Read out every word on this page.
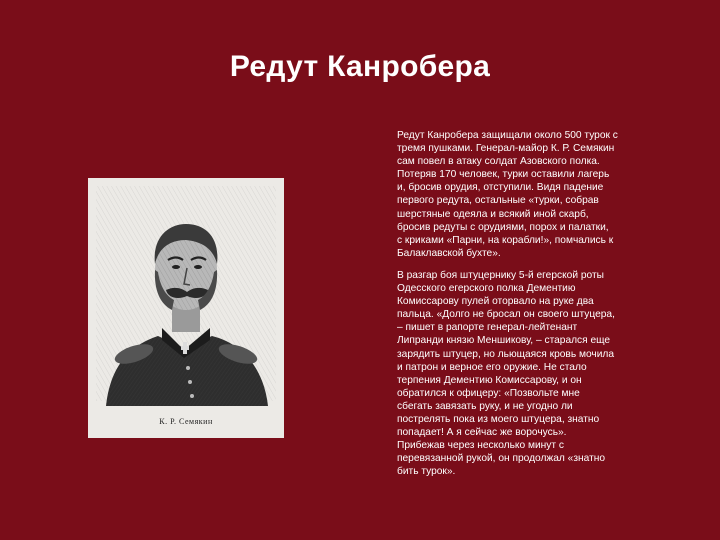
Редут Канробера
К. Р. Семякин

Редут Канробера защищали около 500 турок с
тремя пушками. Генерал-майор К. Р. Семякин
сам повел в атаку солдат Азовского полка.
Потеряв 170 человек, турки оставили лагерь
и, бросив орудия, отступили. Видя падение
первого редута, остальные «турки, собрав
шерстяные одеяла и всякий иной скарб,
бросив редуты с орудиями, порох и палатки,
с криками «Парни, на корабли!», помчались к
Балаклавской бухте».

В разгар боя штуцернику 5-й егерской роты
Одесского егерского полка Дементию
Комиссарову пулей оторвало на руке два
пальца. «Долго не бросал он своего штуцера,
– пишет в рапорте генерал-лейтенант
Липранди князю Меншикову, – старался еще
зарядить штуцер, но льющаяся кровь мочила
и патрон и верное его оружие. Не стало
терпения Дементию Комиссарову, и он
обратился к офицеру: «Позвольте мне
сбегать завязать руку, и не угодно ли
пострелять пока из моего штуцера, знатно
попадает! А я сейчас же ворочусь».
Прибежав через несколько минут с
перевязанной рукой, он продолжал «знатно
бить турок».
